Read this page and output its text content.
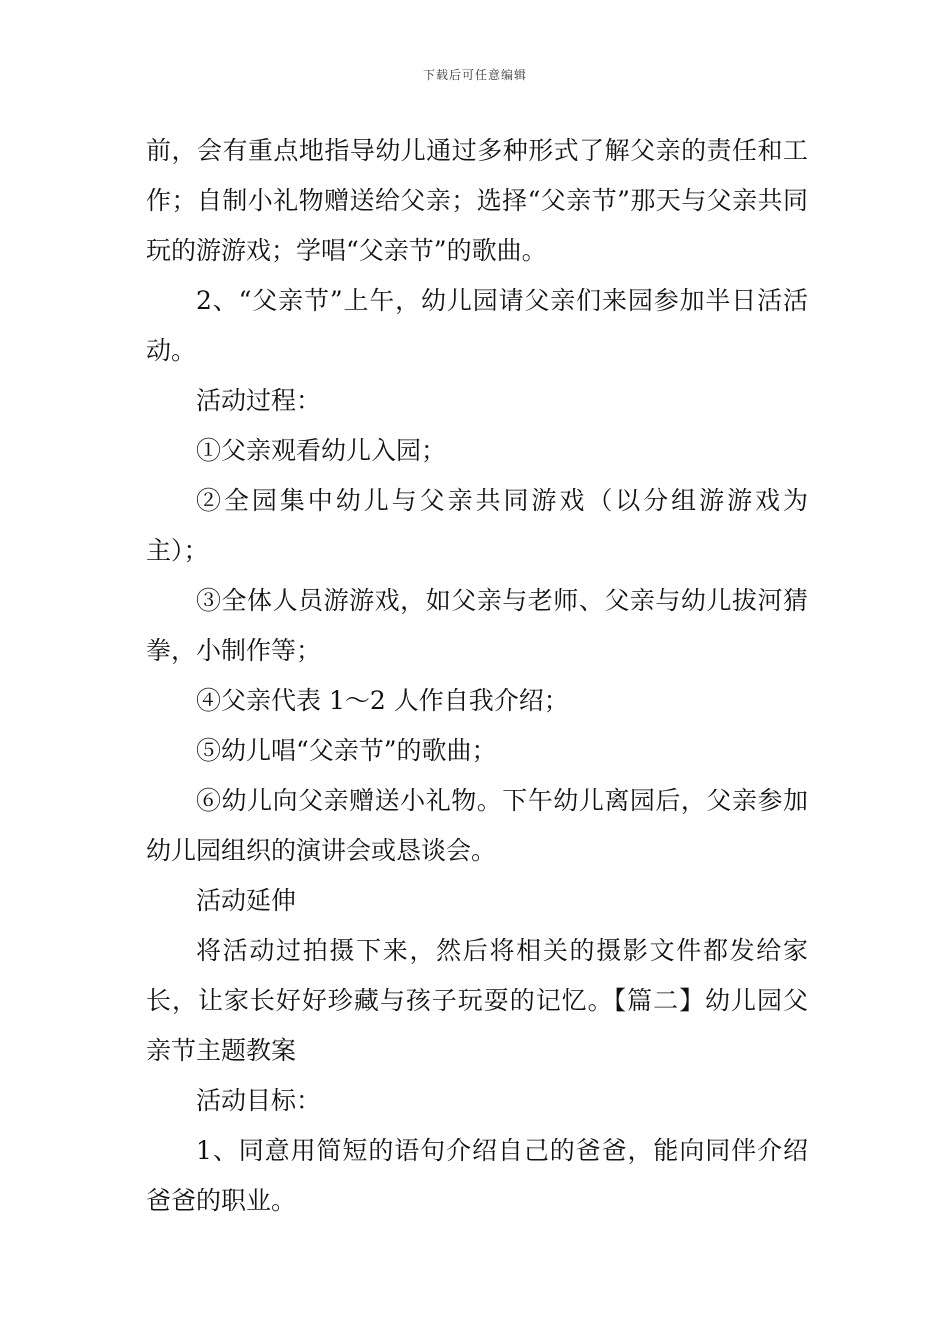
下载后可任意编辑

前，会有重点地指导幼儿通过多种形式了解父亲的责任和工作；自制小礼物赠送给父亲；选择“父亲节”那天与父亲共同玩的游游戏；学唱“父亲节”的歌曲。

2、“父亲节”上午，幼儿园请父亲们来园参加半日活活动。

活动过程：

①父亲观看幼儿入园；

②全园集中幼儿与父亲共同游戏（以分组游游戏为主）；

③全体人员游游戏，如父亲与老师、父亲与幼儿拔河猜拳，小制作等；

④父亲代表 1～2 人作自我介绍；

⑤幼儿唱“父亲节”的歌曲；

⑥幼儿向父亲赠送小礼物。下午幼儿离园后，父亲参加幼儿园组织的演讲会或恳谈会。

活动延伸

将活动过拍摄下来，然后将相关的摄影文件都发给家长，让家长好好珍藏与孩子玩耍的记忆。【篇二】幼儿园父亲节主题教案

活动目标：

1、同意用简短的语句介绍自己的爸爸，能向同伴介绍爸爸的职业。
